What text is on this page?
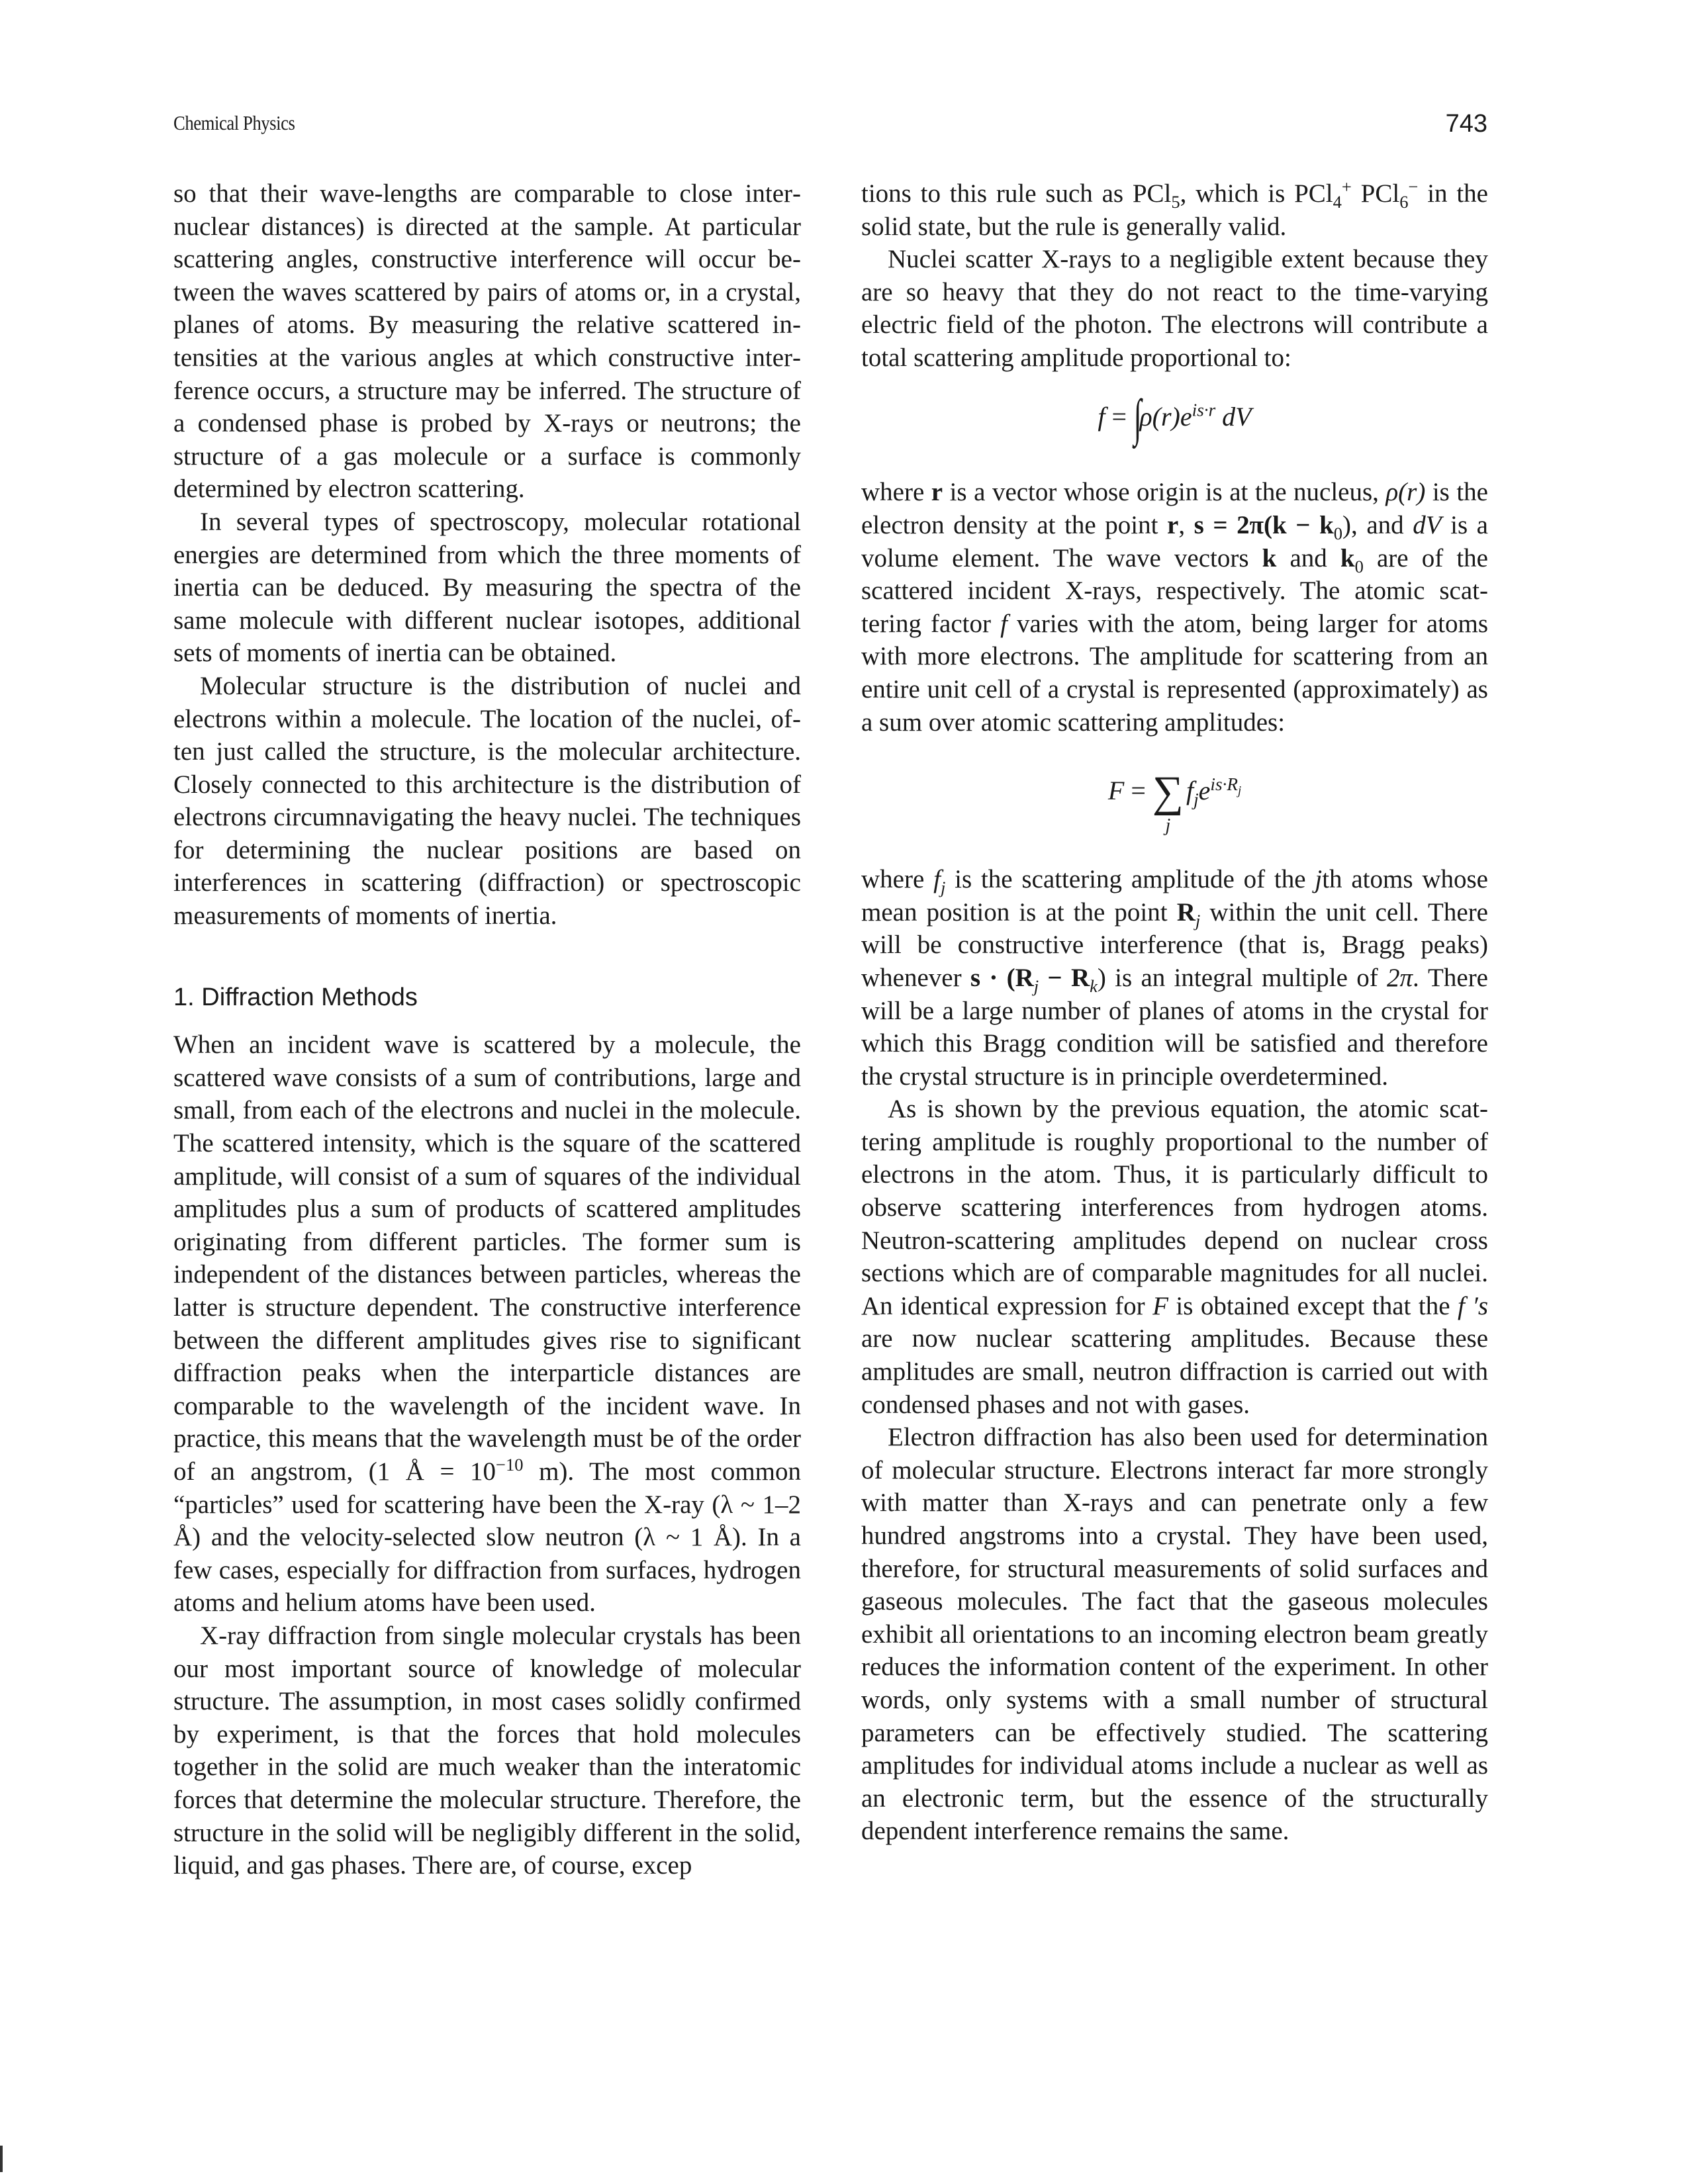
Chemical Physics	743

so that their wave-lengths are comparable to close internuclear distances) is directed at the sample. At particular scattering angles, constructive interference will occur between the waves scattered by pairs of atoms or, in a crystal, planes of atoms. By measuring the relative scattered intensities at the various angles at which constructive interference occurs, a structure may be inferred. The structure of a condensed phase is probed by X-rays or neutrons; the structure of a gas molecule or a surface is commonly determined by electron scattering.

In several types of spectroscopy, molecular rotational energies are determined from which the three moments of inertia can be deduced. By measuring the spectra of the same molecule with different nuclear isotopes, additional sets of moments of inertia can be obtained.

Molecular structure is the distribution of nuclei and electrons within a molecule. The location of the nuclei, often just called the structure, is the molecular architecture. Closely connected to this architecture is the distribution of electrons circumnavigating the heavy nuclei. The techniques for determining the nuclear positions are based on interferences in scattering (diffraction) or spectroscopic measurements of moments of inertia.

1. Diffraction Methods

When an incident wave is scattered by a molecule, the scattered wave consists of a sum of contributions, large and small, from each of the electrons and nuclei in the molecule. The scattered intensity, which is the square of the scattered amplitude, will consist of a sum of squares of the individual amplitudes plus a sum of products of scattered amplitudes originating from different particles. The former sum is independent of the distances between particles, whereas the latter is structure dependent. The constructive interference between the different amplitudes gives rise to significant diffraction peaks when the interparticle distances are comparable to the wavelength of the incident wave. In practice, this means that the wavelength must be of the order of an angstrom, (1 Å = $10^{-10}$ m). The most common “particles” used for scattering have been the X-ray (λ ~ 1–2 Å) and the velocity-selected slow neutron (λ ~ 1 Å). In a few cases, especially for diffraction from surfaces, hydrogen atoms and helium atoms have been used.

X-ray diffraction from single molecular crystals has been our most important source of knowledge of molecular structure. The assumption, in most cases solidly confirmed by experiment, is that the forces that hold molecules together in the solid are much weaker than the interatomic forces that determine the molecular structure. Therefore, the structure in the solid will be negligibly different in the solid, liquid, and gas phases. There are, of course, excep

tions to this rule such as PCl$_5$, which is PCl$_4$+ PCl$_6$− in the solid state, but the rule is generally valid.

Nuclei scatter X-rays to a negligible extent because they are so heavy that they do not react to the time-varying electric field of the photon. The electrons will contribute a total scattering amplitude proportional to:

$f = \int\rho(r)e^{is\cdot r}$ dV

where r is a vector whose origin is at the nucleus, ρ(r) is the electron density at the point r, $s = 2\pi(k - k_0)$, and dV is a volume element. The wave vectors k and $k_0$ are of the scattered incident X-rays, respectively. The atomic scattering factor f varies with the atom, being larger for atoms with more electrons. The amplitude for scattering from an entire unit cell of a crystal is represented (approximately) as a sum over atomic scattering amplitudes:

F = ∑
j
$f_je^{is\cdot R_j}$

where $f_j$ is the scattering amplitude of the jth atoms whose mean position is at the point $R_j$ within the unit cell. There will be constructive interference (that is, Bragg peaks) whenever $s \cdot (R_j - R_k)$ is an integral multiple of 2π. There will be a large number of planes of atoms in the crystal for which this Bragg condition will be satisfied and therefore the crystal structure is in principle overdetermined.

As is shown by the previous equation, the atomic scattering amplitude is roughly proportional to the number of electrons in the atom. Thus, it is particularly difficult to observe scattering interferences from hydrogen atoms. Neutron-scattering amplitudes depend on nuclear cross sections which are of comparable magnitudes for all nuclei. An identical expression for F is obtained except that the f ′s are now nuclear scattering amplitudes. Because these amplitudes are small, neutron diffraction is carried out with condensed phases and not with gases.

Electron diffraction has also been used for determination of molecular structure. Electrons interact far more strongly with matter than X-rays and can penetrate only a few hundred angstroms into a crystal. They have been used, therefore, for structural measurements of solid surfaces and gaseous molecules. The fact that the gaseous molecules exhibit all orientations to an incoming electron beam greatly reduces the information content of the experiment. In other words, only systems with a small number of structural parameters can be effectively studied. The scattering amplitudes for individual atoms include a nuclear as well as an electronic term, but the essence of the structurally dependent interference remains the same.
